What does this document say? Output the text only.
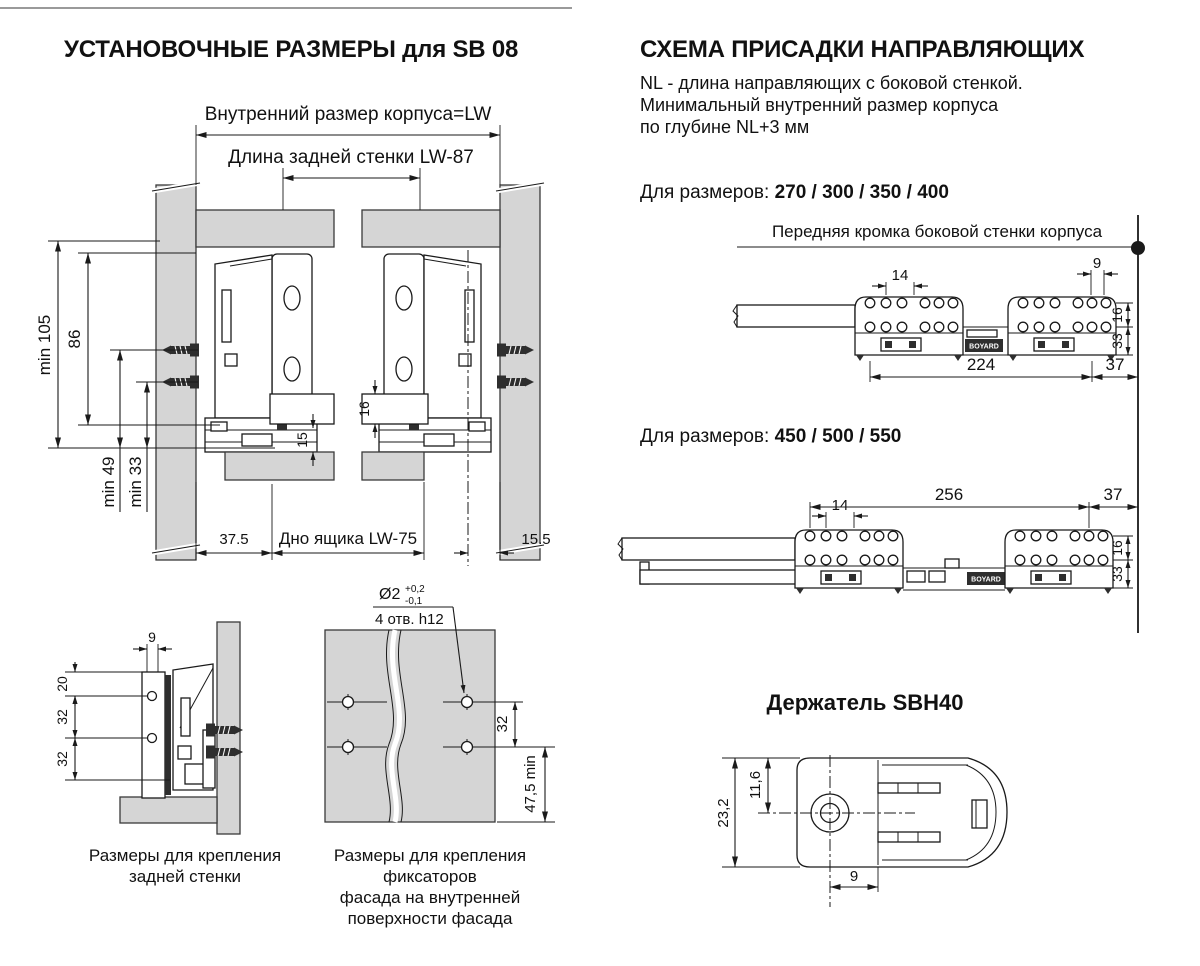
УСТАНОВОЧНЫЕ РАЗМЕРЫ для SB 08	СХЕМА ПРИСАДКИ НАПРАВЛЯЮЩИХ
NL - длина направляющих с боковой стенкой.
Минимальный внутренний размер корпуса
по глубине NL+3 мм
Для размеров: 270 / 300 / 350 / 400
Для размеров: 450 / 500 / 550
Размеры для крепления
задней стенки
Размеры для крепления фиксаторов
фасада на внутренней
поверхности фасада
Держатель SBH40
Внутренний размер корпуса=LW
Длина задней стенки LW-87
min 105 86
min 49 min 33
16
15
37.5 Дно ящика LW-75	15.5
9
20
32
32
Ø2 +0,2
-0,1
4 отв. h12
32
47,5 min
Передняя кромка боковой стенки корпуса
BOYARD
14
9
224	37
16
33
BOYARD
14
256	37
16
33
23,2
11,6
9
